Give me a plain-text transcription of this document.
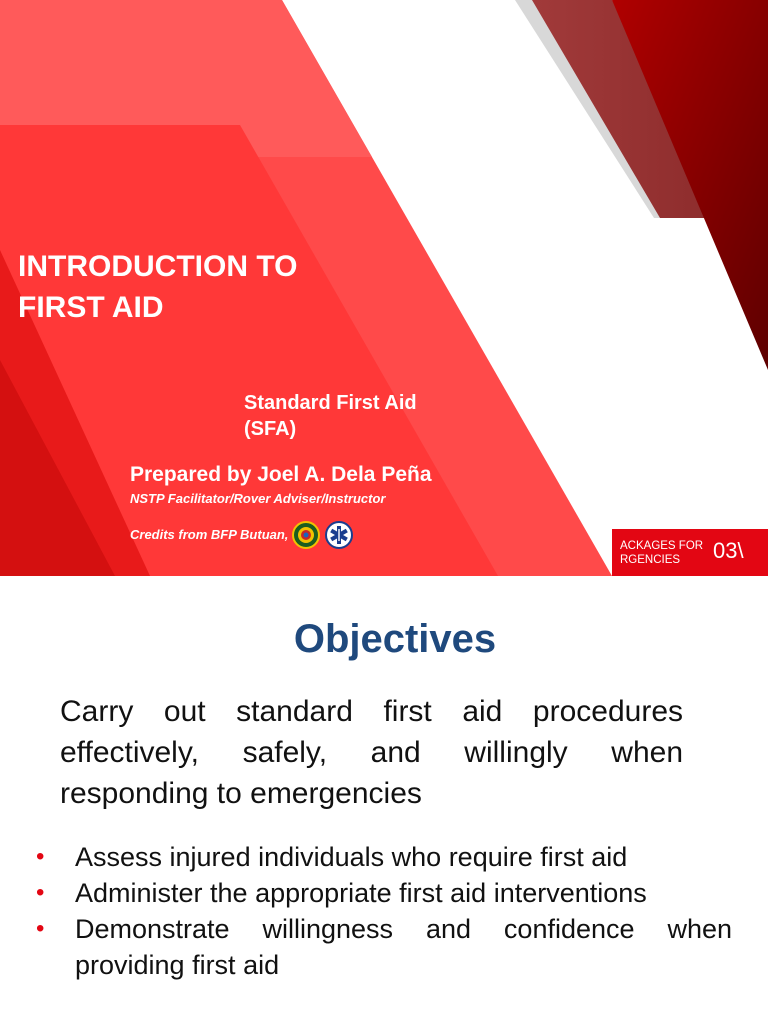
INTRODUCTION TO
FIRST AID
Standard First Aid
(SFA)
Prepared by Joel A. Dela Peña
NSTP Facilitator/Rover Adviser/Instructor
Credits from BFP Butuan,
ACKAGES FOR
RGENCIES	03\
Objectives
Carry out standard first aid procedures effectively, safely, and willingly when responding to emergencies
• Assess injured individuals who require first aid
• Administer the appropriate first aid interventions
• Demonstrate willingness and confidence when providing first aid
